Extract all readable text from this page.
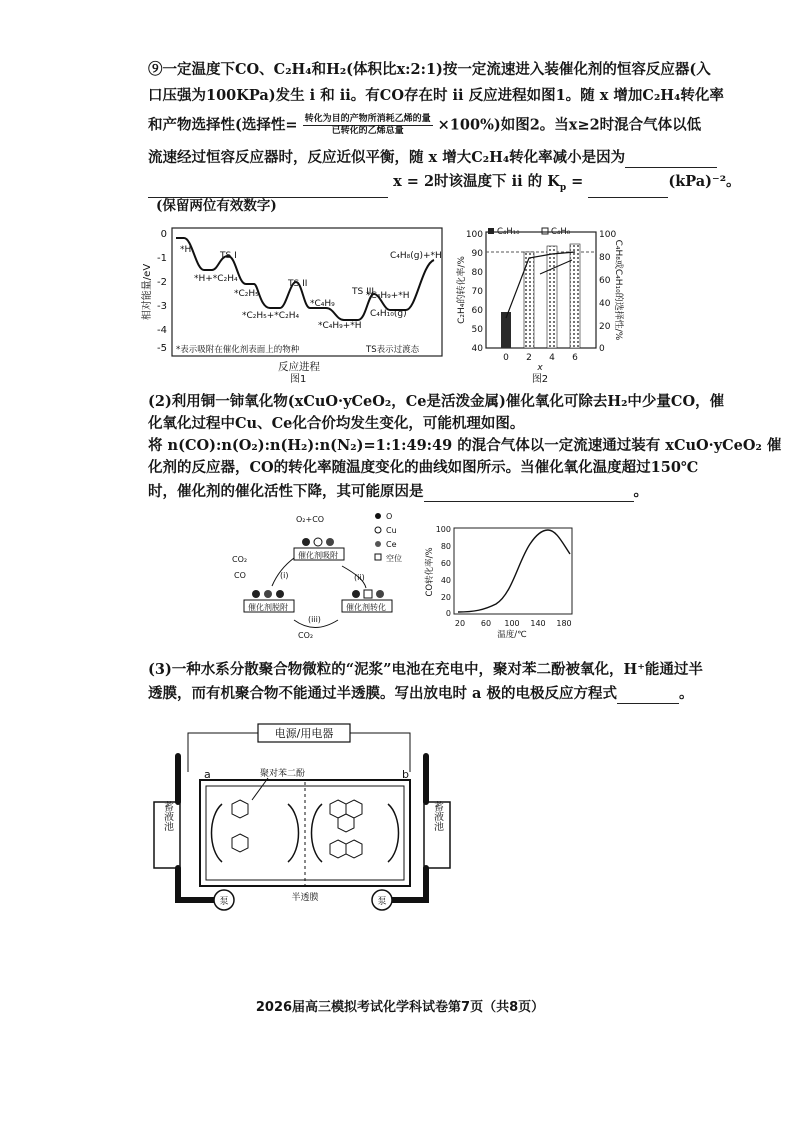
⑨一定温度下CO、C₂H₄和H₂(体积比x:2:1)按一定流速进入装催化剂的恒容反应器(入
口压强为100KPa)发生 i 和 ii。有CO存在时 ii 反应进程如图1。随 x 增加C₂H₄转化率
和产物选择性(选择性= $\frac{\text{转化为目的产物所消耗乙烯的量}}{\text{已转化的乙烯总量}} \times 100\%$)如图2。当x≥2时混合气体以低
流速经过恒容反应器时，反应近似平衡，随 x 增大C₂H₄转化率减小是因为
x = 2时该温度下 ii 的 $K_p$ =	(kPa)⁻²。
(保留两位有效数字)
相对能量/eV
0
-1
-2
-3
-4
-5
*H
*H+*C₂H₄
TS I
*C₂H₅
*C₂H₅+*C₂H₄
TS II
*C₄H₉
*C₄H₉+*H
TS III
*C₄H₉+*H
C₄H₁₀(g)
C₄H₈(g)+*H
*表示吸附在催化剂表面上的物种	TS表示过渡态
反应进程
图1
C₄H₁₀	C₄H₈
C₂H₄的转化率/%	C₄H₈或C₄H₁₀的选择性/%
100
90
80
70
60
50
40
100
80
60
40
20
0
0 2 4 6
x
图2
(2)利用铜一铈氧化物(xCuO·yCeO₂，Ce是活泼金属)催化氧化可除去H₂中少量CO，催
化氧化过程中Cu、Ce化合价均发生变化，可能机理如图。
将 n(CO):n(O₂):n(H₂):n(N₂)=1:1:49:49 的混合气体以一定流速通过装有 xCuO·yCeO₂ 催
化剂的反应器，CO的转化率随温度变化的曲线如图所示。当催化氧化温度超过150℃
时，催化剂的催化活性下降，其可能原因是	。
O
Cu
Ce
空位
O₂+CO
催化剂吸附
催化剂脱附	催化剂转化
CO₂
CO
CO₂
(i)	(ii)
(iii)
CO转化率/%
100
80
60
40
20
0
20 60 100 140 180
温度/℃
(3)一种水系分散聚合物微粒的“泥浆”电池在充电中，聚对苯二酚被氧化，H⁺能通过半
透膜，而有机聚合物不能通过半透膜。写出放电时 a 极的电极反应方程式	。
电源/用电器
a	b
聚对苯二酚
蓄液池	蓄液池
泵	泵
半透膜
2026届高三模拟考试化学科试卷第7页（共8页）
